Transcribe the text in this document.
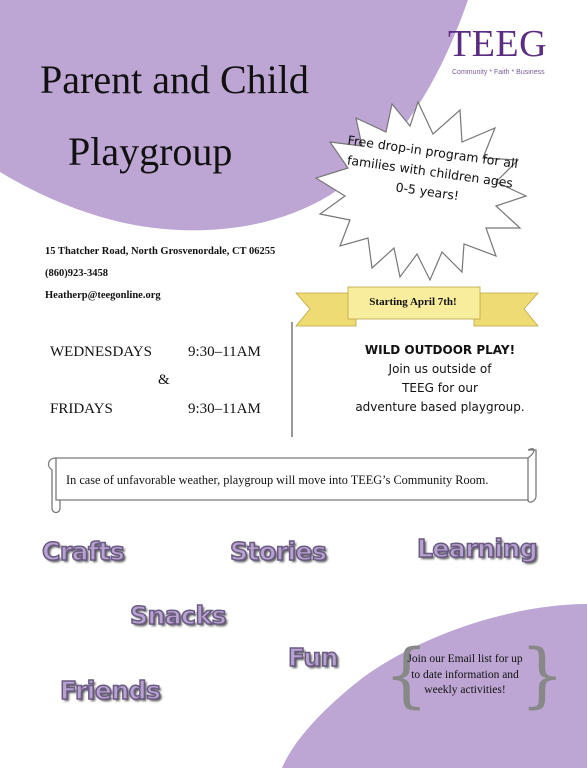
Parent and Child
Playgroup
TEEG
Community * Faith * Business
Free drop-in program for all families with children ages 0-5 years!
15 Thatcher Road, North Grosvenordale, CT 06255
(860)923-3458
Heatherp@teegonline.org
WEDNESDAYS 9:30–11AM
&
FRIDAYS	9:30–11AM
Starting April 7th!
WILD OUTDOOR PLAY!
Join us outside of
TEEG for our
adventure based playgroup.
In case of unfavorable weather, playgroup will move into TEEG’s Community Room.
Crafts	Stories	Learning
Snacks
Fun
Friends	{ }
Join our Email list for up to date information and weekly activities!
